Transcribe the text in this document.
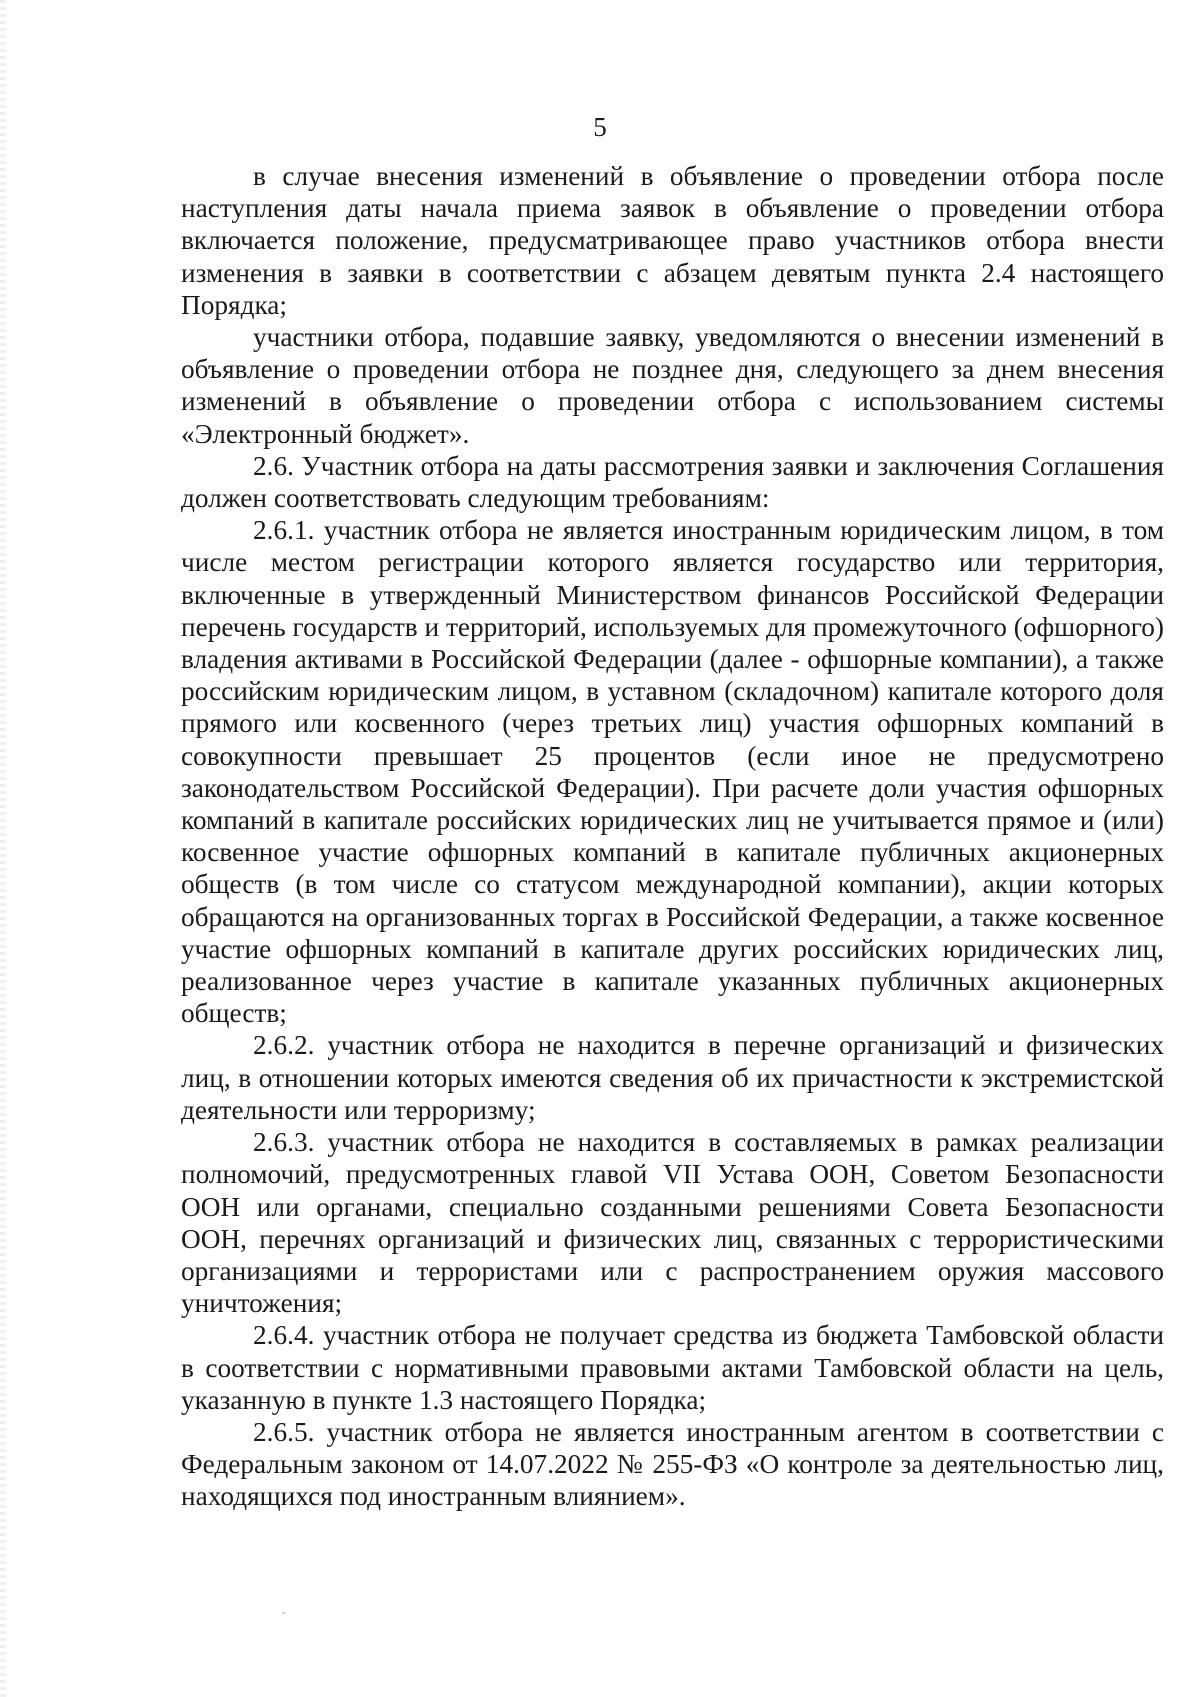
5

в случае внесения изменений в объявление о проведении отбора после наступления даты начала приема заявок в объявление о проведении отбора включается положение, предусматривающее право участников отбора внести изменения в заявки в соответствии с абзацем девятым пункта 2.4 настоящего Порядка;

участники отбора, подавшие заявку, уведомляются о внесении изменений в объявление о проведении отбора не позднее дня, следующего за днем внесения изменений в объявление о проведении отбора с использованием системы «Электронный бюджет».

2.6. Участник отбора на даты рассмотрения заявки и заключения Соглашения должен соответствовать следующим требованиям:

2.6.1. участник отбора не является иностранным юридическим лицом, в том числе местом регистрации которого является государство или территория, включенные в утвержденный Министерством финансов Российской Федерации перечень государств и территорий, используемых для промежуточного (офшорного) владения активами в Российской Федерации (далее - офшорные компании), а также российским юридическим лицом, в уставном (складочном) капитале которого доля прямого или косвенного (через третьих лиц) участия офшорных компаний в совокупности превышает 25 процентов (если иное не предусмотрено законодательством Российской Федерации). При расчете доли участия офшорных компаний в капитале российских юридических лиц не учитывается прямое и (или) косвенное участие офшорных компаний в капитале публичных акционерных обществ (в том числе со статусом международной компании), акции которых обращаются на организованных торгах в Российской Федерации, а также косвенное участие офшорных компаний в капитале других российских юридических лиц, реализованное через участие в капитале указанных публичных акционерных обществ;

2.6.2. участник отбора не находится в перечне организаций и физических лиц, в отношении которых имеются сведения об их причастности к экстремистской деятельности или терроризму;

2.6.3. участник отбора не находится в составляемых в рамках реализации полномочий, предусмотренных главой VII Устава ООН, Советом Безопасности ООН или органами, специально созданными решениями Совета Безопасности ООН, перечнях организаций и физических лиц, связанных с террористическими организациями и террористами или с распространением оружия массового уничтожения;

2.6.4. участник отбора не получает средства из бюджета Тамбовской области в соответствии с нормативными правовыми актами Тамбовской области на цель, указанную в пункте 1.3 настоящего Порядка;

2.6.5. участник отбора не является иностранным агентом в соответствии с Федеральным законом от 14.07.2022 № 255-ФЗ «О контроле за деятельностью лиц, находящихся под иностранным влиянием».
